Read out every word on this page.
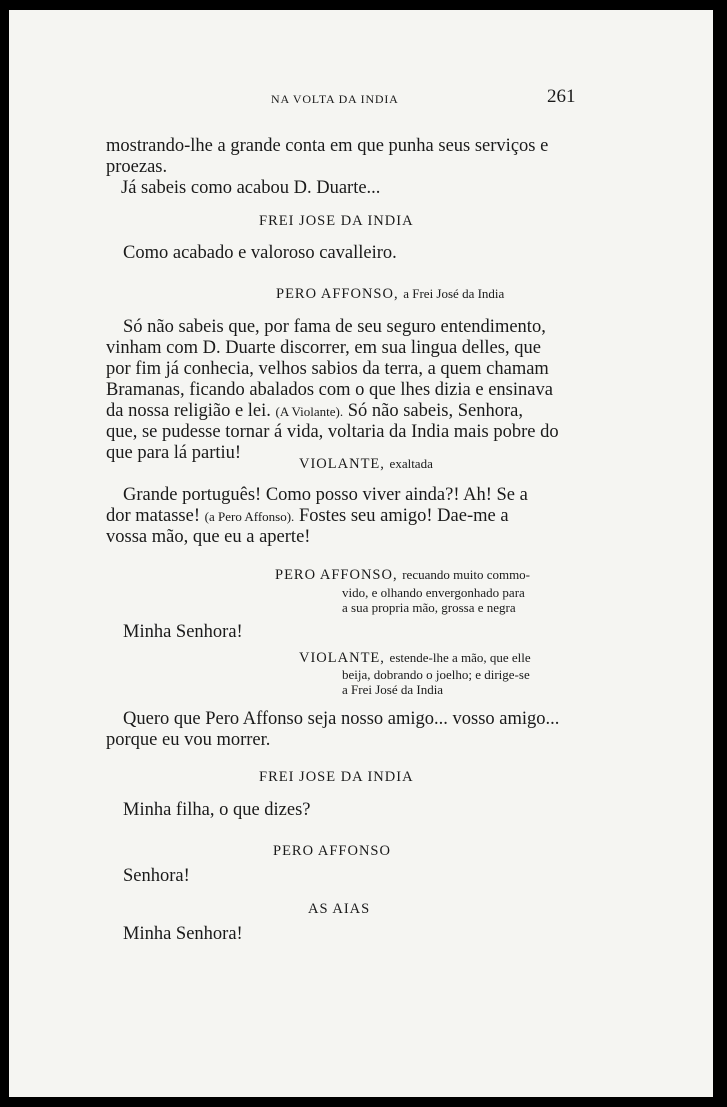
NA VOLTA DA INDIA	261
mostrando-lhe a grande conta em que punha seus serviços e
proezas.
Já sabeis como acabou D. Duarte...
FREI JOSE DA INDIA
Como acabado e valoroso cavalleiro.
PERO AFFONSO, a Frei José da India
Só não sabeis que, por fama de seu seguro entendimento,
vinham com D. Duarte discorrer, em sua lingua delles, que
por fim já conhecia, velhos sabios da terra, a quem chamam
Bramanas, ficando abalados com o que lhes dizia e ensinava
da nossa religião e lei. (A Violante). Só não sabeis, Senhora,
que, se pudesse tornar á vida, voltaria da India mais pobre do
que para lá partiu!
VIOLANTE, exaltada
Grande português! Como posso viver ainda?! Ah! Se a
dor matasse! (a Pero Affonso). Fostes seu amigo! Dae-me a
vossa mão, que eu a aperte!
PERO AFFONSO, recuando muito commo-
vido, e olhando envergonhado para
a sua propria mão, grossa e negra
Minha Senhora!
VIOLANTE, estende-lhe a mão, que elle
beija, dobrando o joelho; e dirige-se
a Frei José da India
Quero que Pero Affonso seja nosso amigo... vosso amigo...
porque eu vou morrer.
FREI JOSE DA INDIA
Minha filha, o que dizes?
PERO AFFONSO
Senhora!
AS AIAS
Minha Senhora!
